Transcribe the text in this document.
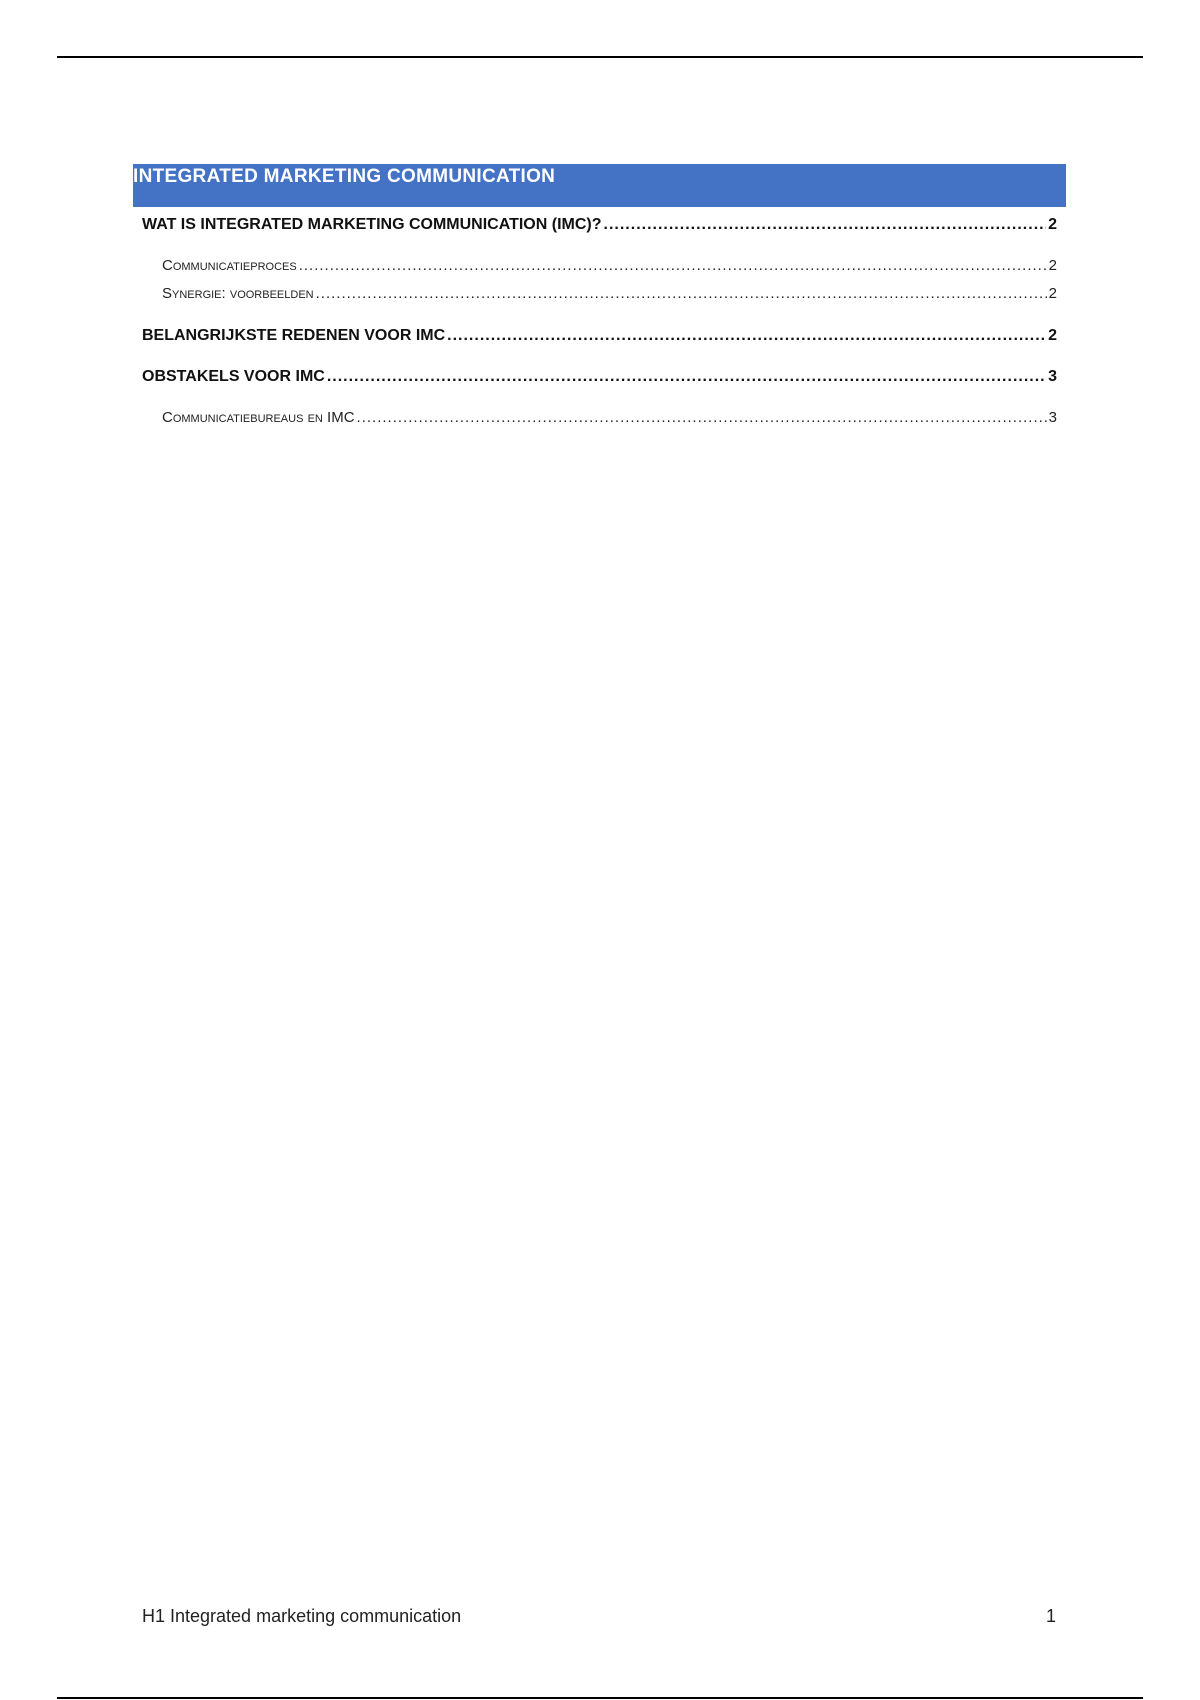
INTEGRATED MARKETING COMMUNICATION
WAT IS INTEGRATED MARKETING COMMUNICATION (IMC)? .....	2
Communicatieproces .....	2
Synergie: voorbeelden .....	2
BELANGRIJKSTE REDENEN VOOR IMC .....	2
OBSTAKELS VOOR IMC .....	3
Communicatiebureaus en IMC .....	3
H1 Integrated marketing communication	1
